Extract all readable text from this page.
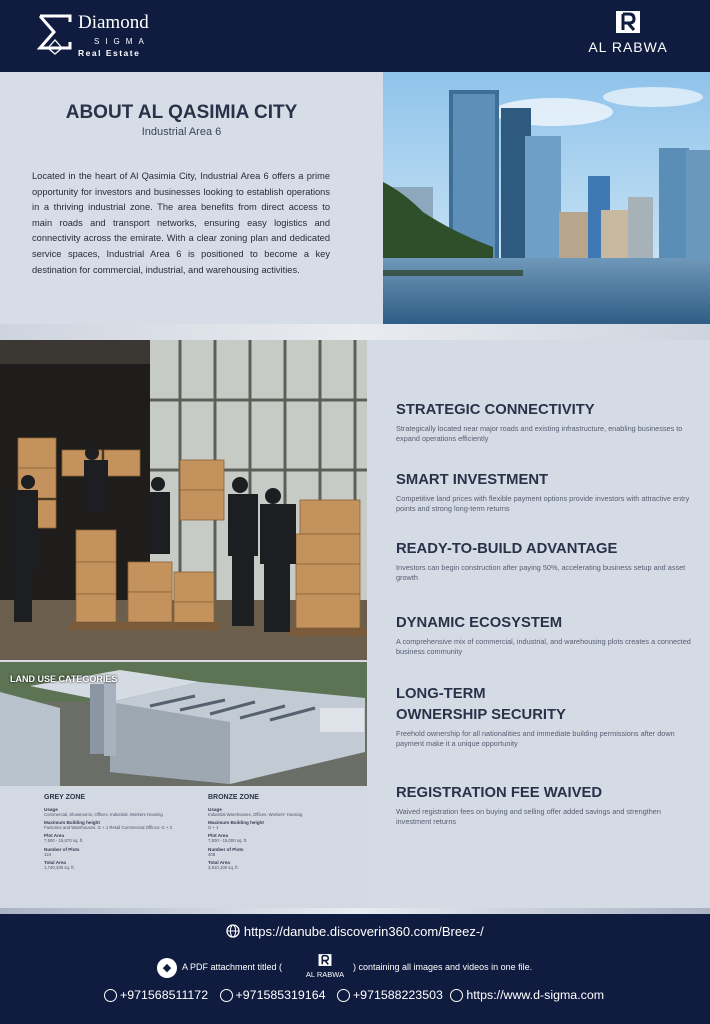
Diamond
SIGMA
Real Estate	AL RABWA
ABOUT AL QASIMIA CITY
Industrial Area 6

Located in the heart of Al Qasimia City, Industrial Area 6 offers a prime opportunity for investors and businesses looking to establish operations in a thriving industrial zone. The area benefits from direct access to main roads and transport networks, ensuring easy logistics and connectivity across the emirate. With a clear zoning plan and dedicated service spaces, Industrial Area 6 is positioned to become a key destination for commercial, industrial, and warehousing activities.

LAND USE CATEGORIES
GREY ZONE
Usage
Commercial, Showrooms, Offices, Industrial, Workers Housing
Maximum Building height
Factories and Warehouses: G + 1 Retail Commercial Offices: G + 2
Plot Area
7,500 - 15,570 sq. ft.
Number of Plots
124
Total Area
1,740,330 sq. ft.
BRONZE ZONE
Usage
Industrial Warehouses, Offices, Workers' Housing
Maximum Building height
G + 1
Plot Area
7,500 - 15,000 sq. ft.
Number of Plots
408
Total Area
3,810,100 sq. ft.
STRATEGIC CONNECTIVITY

Strategically located near major roads and existing infrastructure, enabling businesses to expand operations efficiently

SMART INVESTMENT

Competitive land prices with flexible payment options provide investors with attractive entry points and strong long-term returns

READY-TO-BUILD ADVANTAGE

Investors can begin construction after paying 50%, accelerating business setup and asset growth

DYNAMIC ECOSYSTEM

A comprehensive mix of commercial, industrial, and warehousing plots creates a connected business community

LONG-TERM
OWNERSHIP SECURITY

Freehold ownership for all nationalities and immediate building permissions after down payment make it a unique opportunity

REGISTRATION FEE WAIVED

Waived registration fees on buying and selling offer added savings and strengthen investment returns

https://danube.discoverin360.com/Breez-/
◆	A PDF attachment titled (
AL RABWA
) containing all images and videos in one file.
+971568511172 +971585319164 +971588223503 https://www.d-sigma.com
